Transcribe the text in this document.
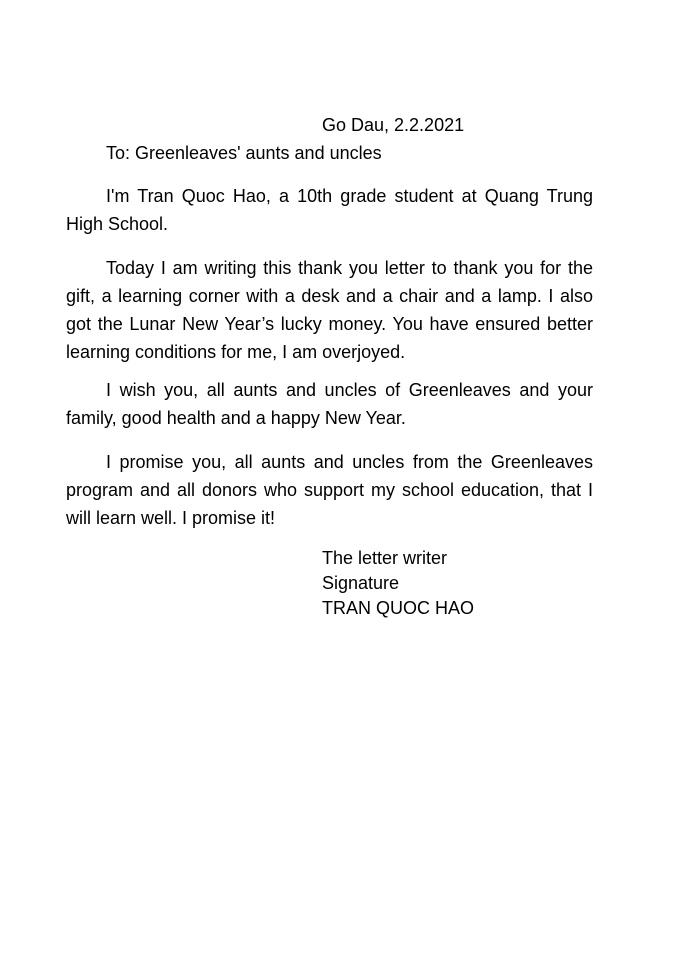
Go Dau, 2.2.2021
To: Greenleaves' aunts and uncles

I'm Tran Quoc Hao, a 10th grade student at Quang Trung High School.

Today I am writing this thank you letter to thank you for the gift, a learning corner with a desk and a chair and a lamp. I also got the Lunar New Year’s lucky money. You have ensured better learning conditions for me, I am overjoyed.

I wish you, all aunts and uncles of Greenleaves and your family, good health and a happy New Year.

I promise you, all aunts and uncles from the Greenleaves program and all donors who support my school education, that I will learn well. I promise it!

The letter writer
Signature
TRAN QUOC HAO
